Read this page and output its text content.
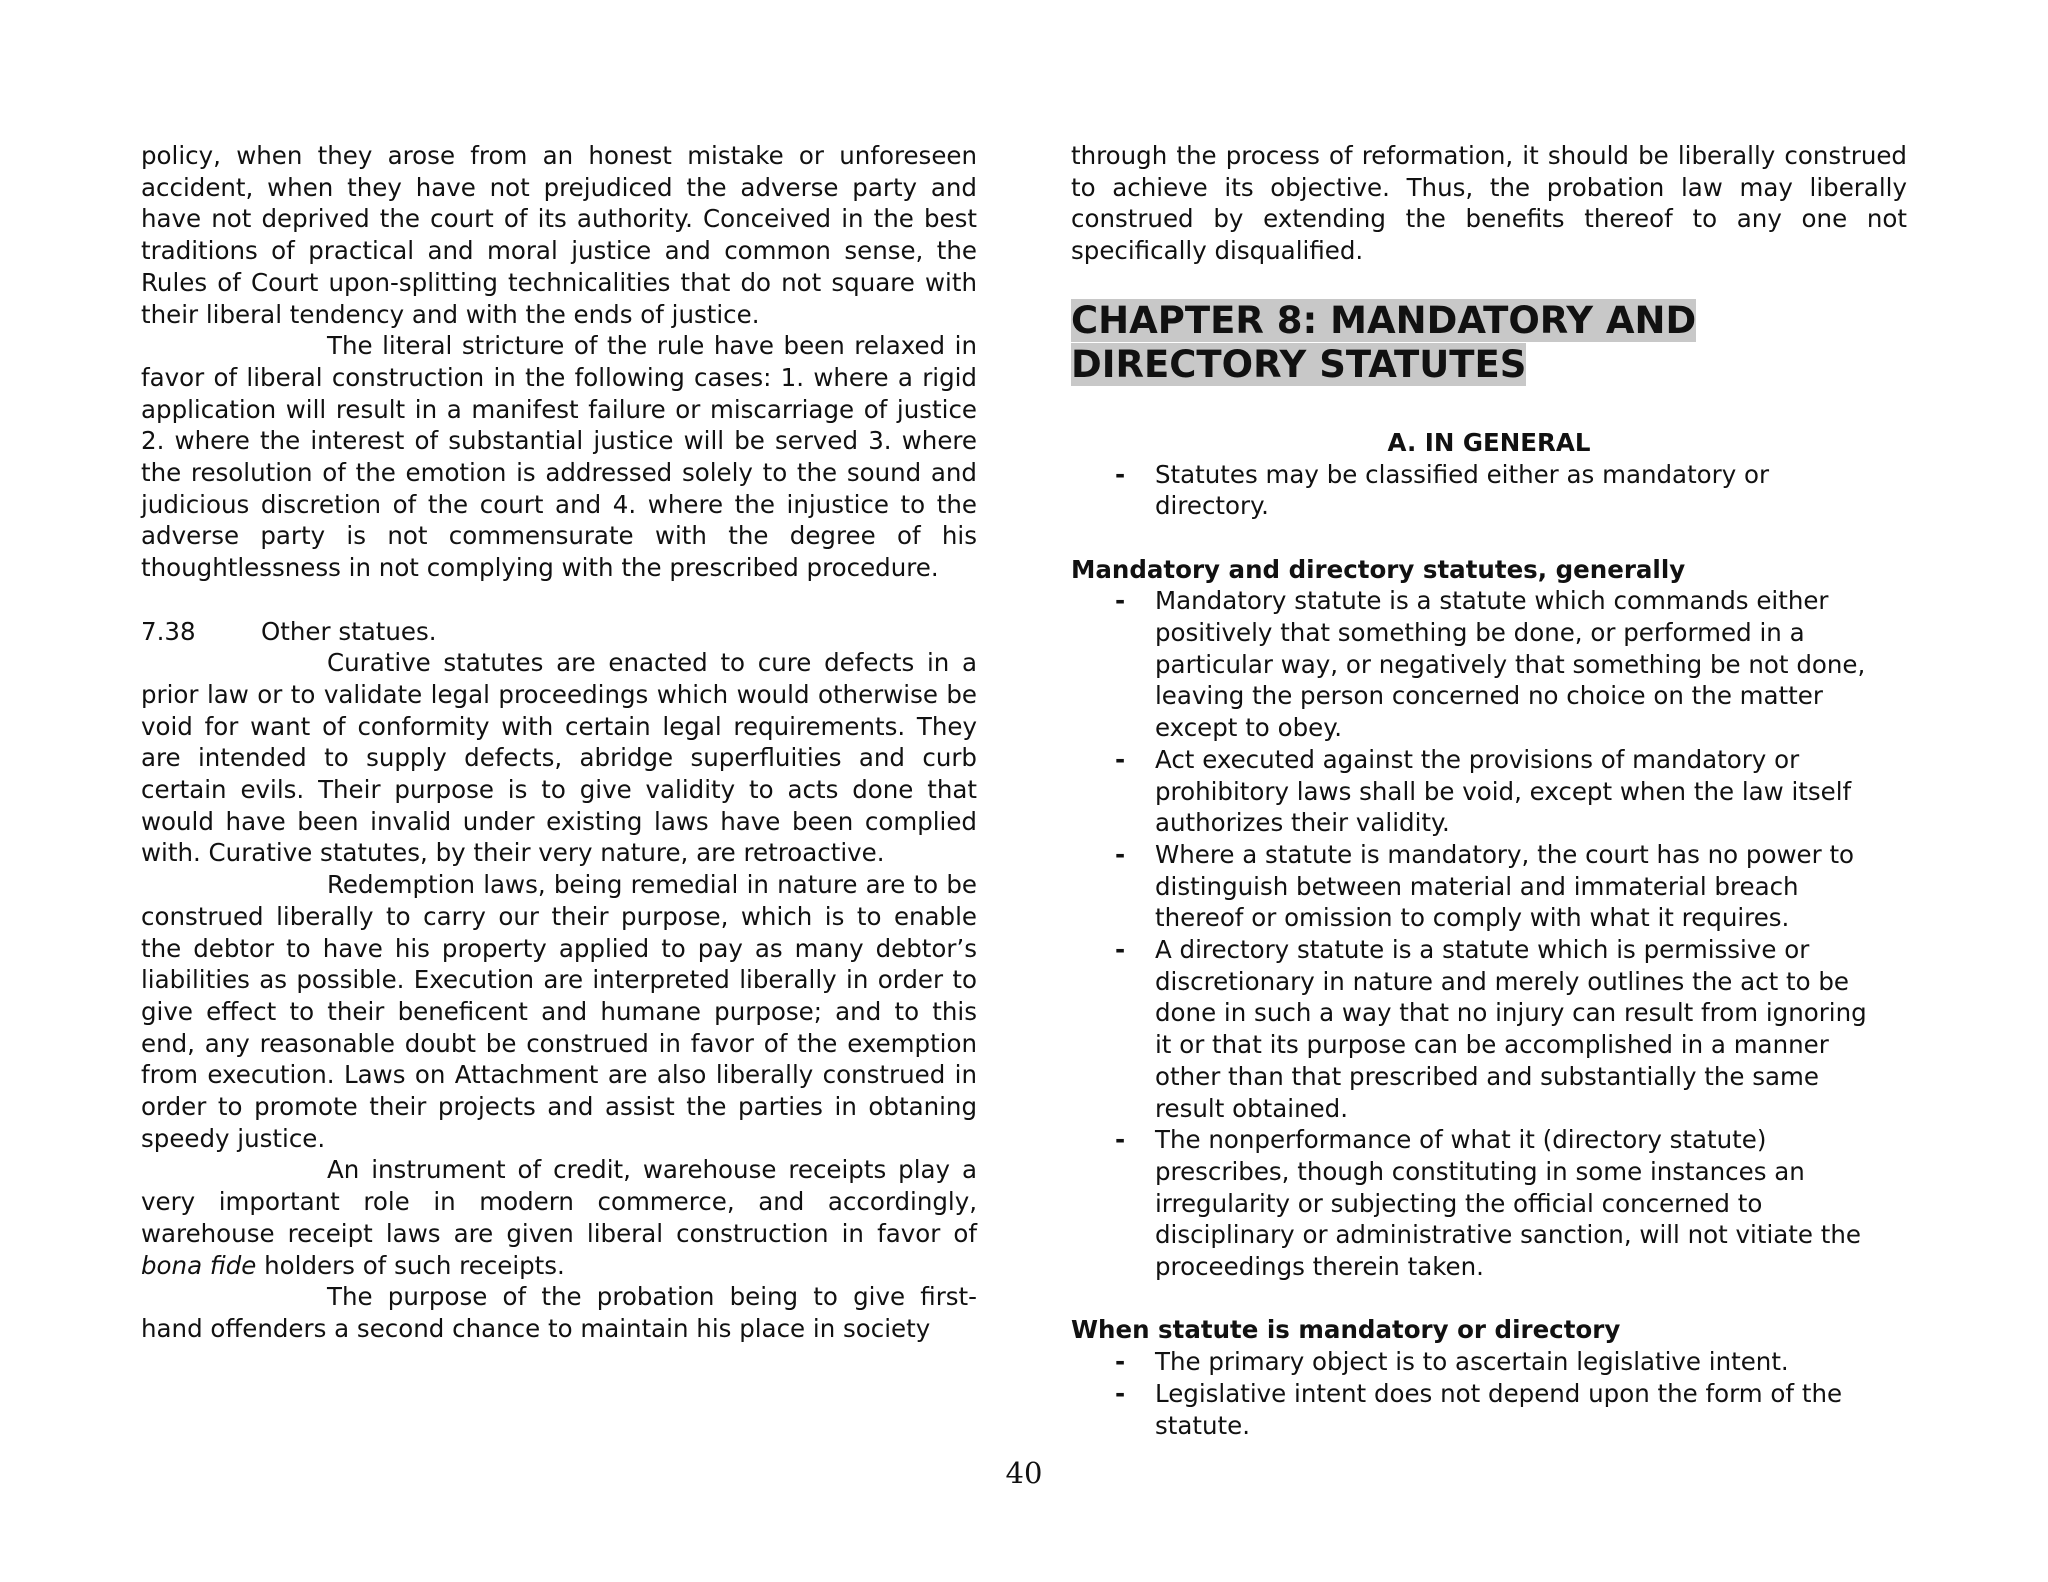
policy, when they arose from an honest mistake or unforeseen accident, when they have not prejudiced the adverse party and have not deprived the court of its authority. Conceived in the best traditions of practical and moral justice and common sense, the Rules of Court upon-splitting technicalities that do not square with their liberal tendency and with the ends of justice.

The literal stricture of the rule have been relaxed in favor of liberal construction in the following cases: 1. where a rigid application will result in a manifest failure or miscarriage of justice 2. where the interest of substantial justice will be served 3. where the resolution of the emotion is addressed solely to the sound and judicious discretion of the court and 4. where the injustice to the adverse party is not commensurate with the degree of his thoughtlessness in not complying with the prescribed procedure.

7.38	Other statues.

Curative statutes are enacted to cure defects in a prior law or to validate legal proceedings which would otherwise be void for want of conformity with certain legal requirements. They are intended to supply defects, abridge superfluities and curb certain evils. Their purpose is to give validity to acts done that would have been invalid under existing laws have been complied with. Curative statutes, by their very nature, are retroactive.

Redemption laws, being remedial in nature are to be construed liberally to carry our their purpose, which is to enable the debtor to have his property applied to pay as many debtor’s liabilities as possible. Execution are interpreted liberally in order to give effect to their beneficent and humane purpose; and to this end, any reasonable doubt be construed in favor of the exemption from execution. Laws on Attachment are also liberally construed in order to promote their projects and assist the parties in obtaning speedy justice.

An instrument of credit, warehouse receipts play a very important role in modern commerce, and accordingly, warehouse receipt laws are given liberal construction in favor of bona fide holders of such receipts.

The purpose of the probation being to give first-hand offenders a second chance to maintain his place in society

through the process of reformation, it should be liberally construed to achieve its objective. Thus, the probation law may liberally construed by extending the benefits thereof to any one not specifically disqualified.

CHAPTER 8: MANDATORY AND
DIRECTORY STATUTES

A. IN GENERAL

-	Statutes may be classified either as mandatory or directory.

Mandatory and directory statutes, generally

-	Mandatory statute is a statute which commands either positively that something be done, or performed in a particular way, or negatively that something be not done, leaving the person concerned no choice on the matter except to obey.
-	Act executed against the provisions of mandatory or prohibitory laws shall be void, except when the law itself authorizes their validity.
-	Where a statute is mandatory, the court has no power to distinguish between material and immaterial breach thereof or omission to comply with what it requires.
-	A directory statute is a statute which is permissive or discretionary in nature and merely outlines the act to be done in such a way that no injury can result from ignoring it or that its purpose can be accomplished in a manner other than that prescribed and substantially the same result obtained.
-	The nonperformance of what it (directory statute) prescribes, though constituting in some instances an irregularity or subjecting the official concerned to disciplinary or administrative sanction, will not vitiate the proceedings therein taken.

When statute is mandatory or directory

-	The primary object is to ascertain legislative intent.
-	Legislative intent does not depend upon the form of the statute.
40
